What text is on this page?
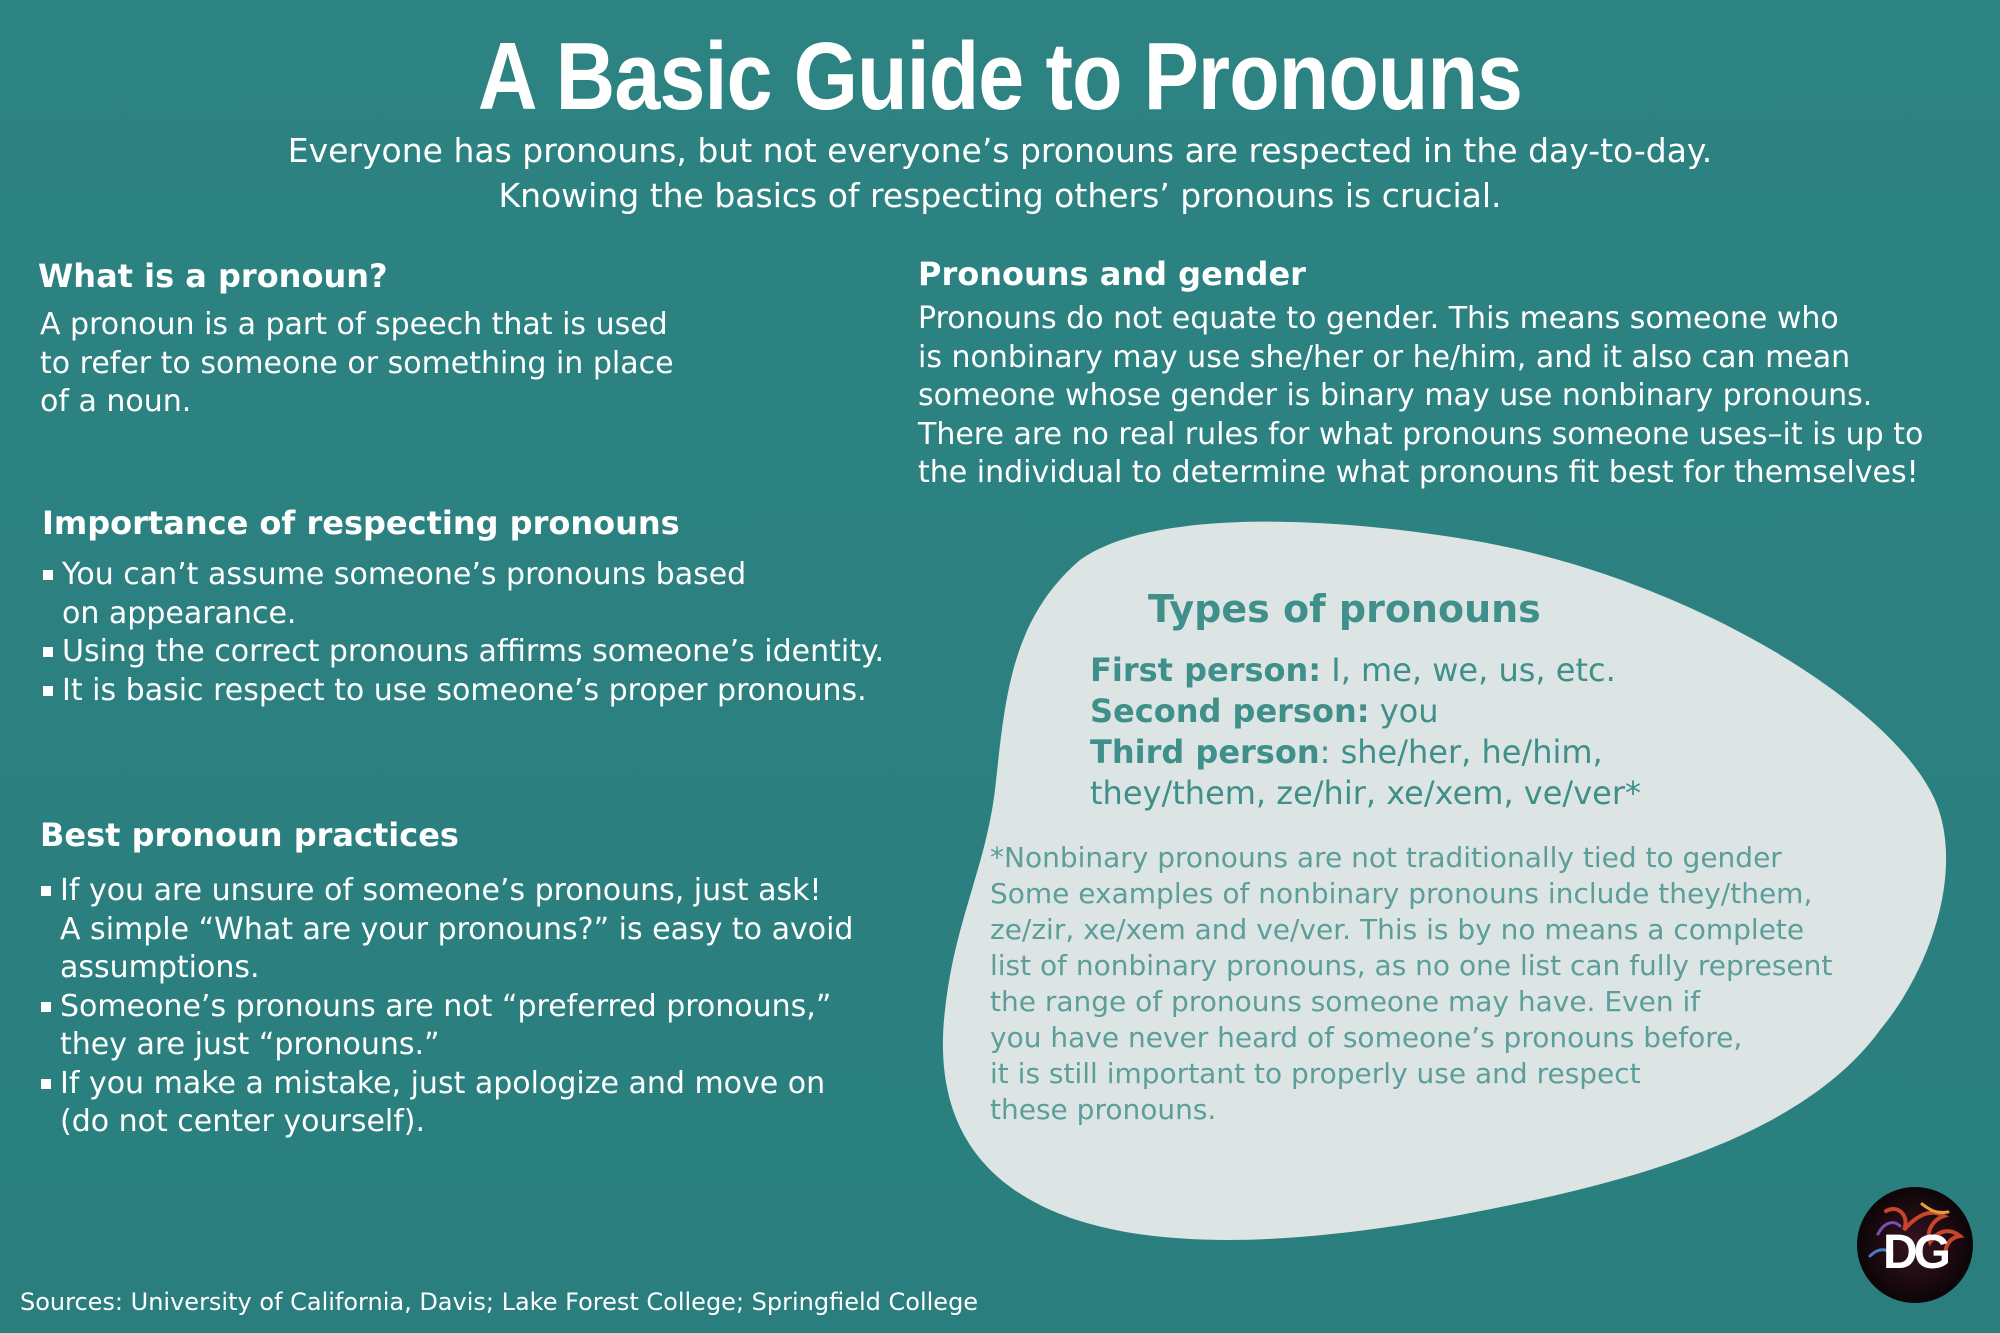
A Basic Guide to Pronouns
Everyone has pronouns, but not everyone’s pronouns are respected in the day-to-day.
Knowing the basics of respecting others’ pronouns is crucial.
What is a pronoun?
A pronoun is a part of speech that is used
to refer to someone or something in place
of a noun.
Pronouns and gender
Pronouns do not equate to gender. This means someone who
is nonbinary may use she/her or he/him, and it also can mean
someone whose gender is binary may use nonbinary pronouns.
There are no real rules for what pronouns someone uses–it is up to
the individual to determine what pronouns fit best for themselves!
Importance of respecting pronouns
You can’t assume someone’s pronouns based
on appearance.
Using the correct pronouns affirms someone’s identity.
It is basic respect to use someone’s proper pronouns.
Best pronoun practices
If you are unsure of someone’s pronouns, just ask!
A simple “What are your pronouns?” is easy to avoid
assumptions.
Someone’s pronouns are not “preferred pronouns,”
they are just “pronouns.”
If you make a mistake, just apologize and move on
(do not center yourself).
Types of pronouns
First person: I, me, we, us, etc.
Second person: you
Third person: she/her, he/him,
they/them, ze/hir, xe/xem, ve/ver*
*Nonbinary pronouns are not traditionally tied to gender
Some examples of nonbinary pronouns include they/them,
ze/zir, xe/xem and ve/ver. This is by no means a complete
list of nonbinary pronouns, as no one list can fully represent
the range of pronouns someone may have. Even if
you have never heard of someone’s pronouns before,
it is still important to properly use and respect
these pronouns.
Sources: University of California, Davis; Lake Forest College; Springfield College
DG
